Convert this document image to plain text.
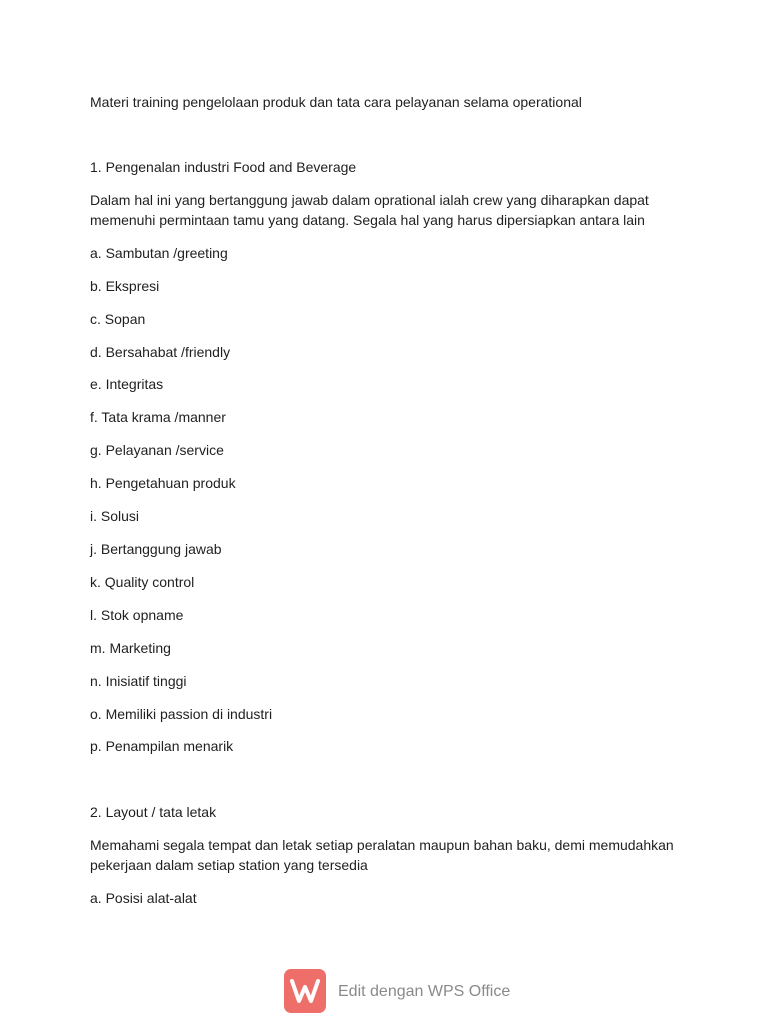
Materi training pengelolaan produk dan tata cara pelayanan selama operational
1. Pengenalan industri Food and Beverage
Dalam hal ini yang bertanggung jawab dalam oprational ialah crew yang diharapkan dapat
memenuhi permintaan tamu yang datang. Segala hal yang harus dipersiapkan antara lain
a. Sambutan /greeting
b. Ekspresi
c. Sopan
d. Bersahabat /friendly
e. Integritas
f. Tata krama /manner
g. Pelayanan /service
h. Pengetahuan produk
i. Solusi
j. Bertanggung jawab
k. Quality control
l. Stok opname
m. Marketing
n. Inisiatif tinggi
o. Memiliki passion di industri
p. Penampilan menarik
2. Layout / tata letak
Memahami segala tempat dan letak setiap peralatan maupun bahan baku, demi memudahkan
pekerjaan dalam setiap station yang tersedia
a. Posisi alat-alat
Edit dengan WPS Office
